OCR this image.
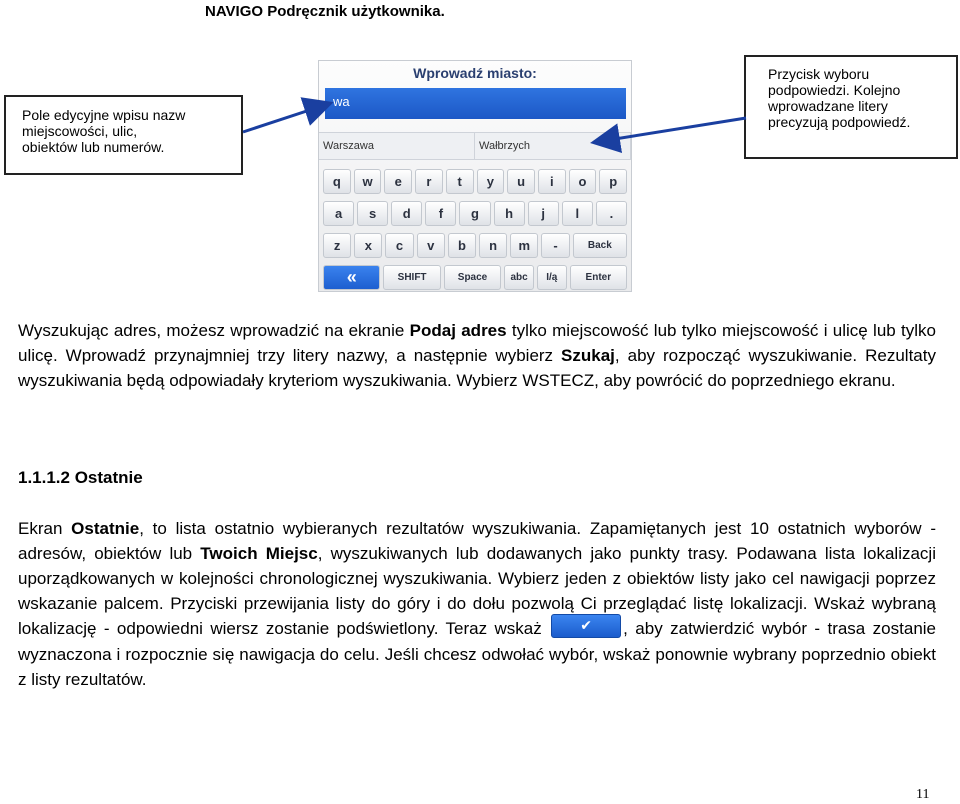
NAVIGO Podręcznik użytkownika.
Pole edycyjne wpisu nazw
miejscowości, ulic,
obiektów lub numerów.
Przycisk wyboru
podpowiedzi. Kolejno
wprowadzane litery
precyzują podpowiedź.
Wprowadź miasto:
wa
Warszawa	Wałbrzych
q	w	e	r	t	y	u	i	o	p
a	s	d	f	g	h	j	l	.
z	x	c	v	b	n	m	-	Back
«	SHIFT	Space	abc	I/ą	Enter
Wyszukując adres, możesz wprowadzić na ekranie Podaj adres tylko miejscowość lub tylko miejscowość i ulicę lub tylko ulicę. Wprowadź przynajmniej trzy litery nazwy, a następnie wybierz Szukaj, aby rozpocząć wyszukiwanie. Rezultaty wyszukiwania będą odpowiadały kryteriom wyszukiwania. Wybierz WSTECZ, aby powrócić do poprzedniego ekranu.
1.1.1.2 Ostatnie
Ekran Ostatnie, to lista ostatnio wybieranych rezultatów wyszukiwania. Zapamiętanych jest 10 ostatnich wyborów - adresów, obiektów lub Twoich Miejsc, wyszukiwanych lub dodawanych jako punkty trasy. Podawana lista lokalizacji uporządkowanych w kolejności chronologicznej wyszukiwania. Wybierz jeden z obiektów listy jako cel nawigacji poprzez wskazanie palcem. Przyciski przewijania listy do góry i do dołu pozwolą Ci przeglądać listę lokalizacji. Wskaż wybraną lokalizację - odpowiedni wiersz zostanie podświetlony. Teraz wskaż	✔ , aby zatwierdzić wybór - trasa zostanie wyznaczona i rozpocznie się nawigacja do celu. Jeśli chcesz odwołać wybór, wskaż ponownie wybrany poprzednio obiekt z listy rezultatów.
11
